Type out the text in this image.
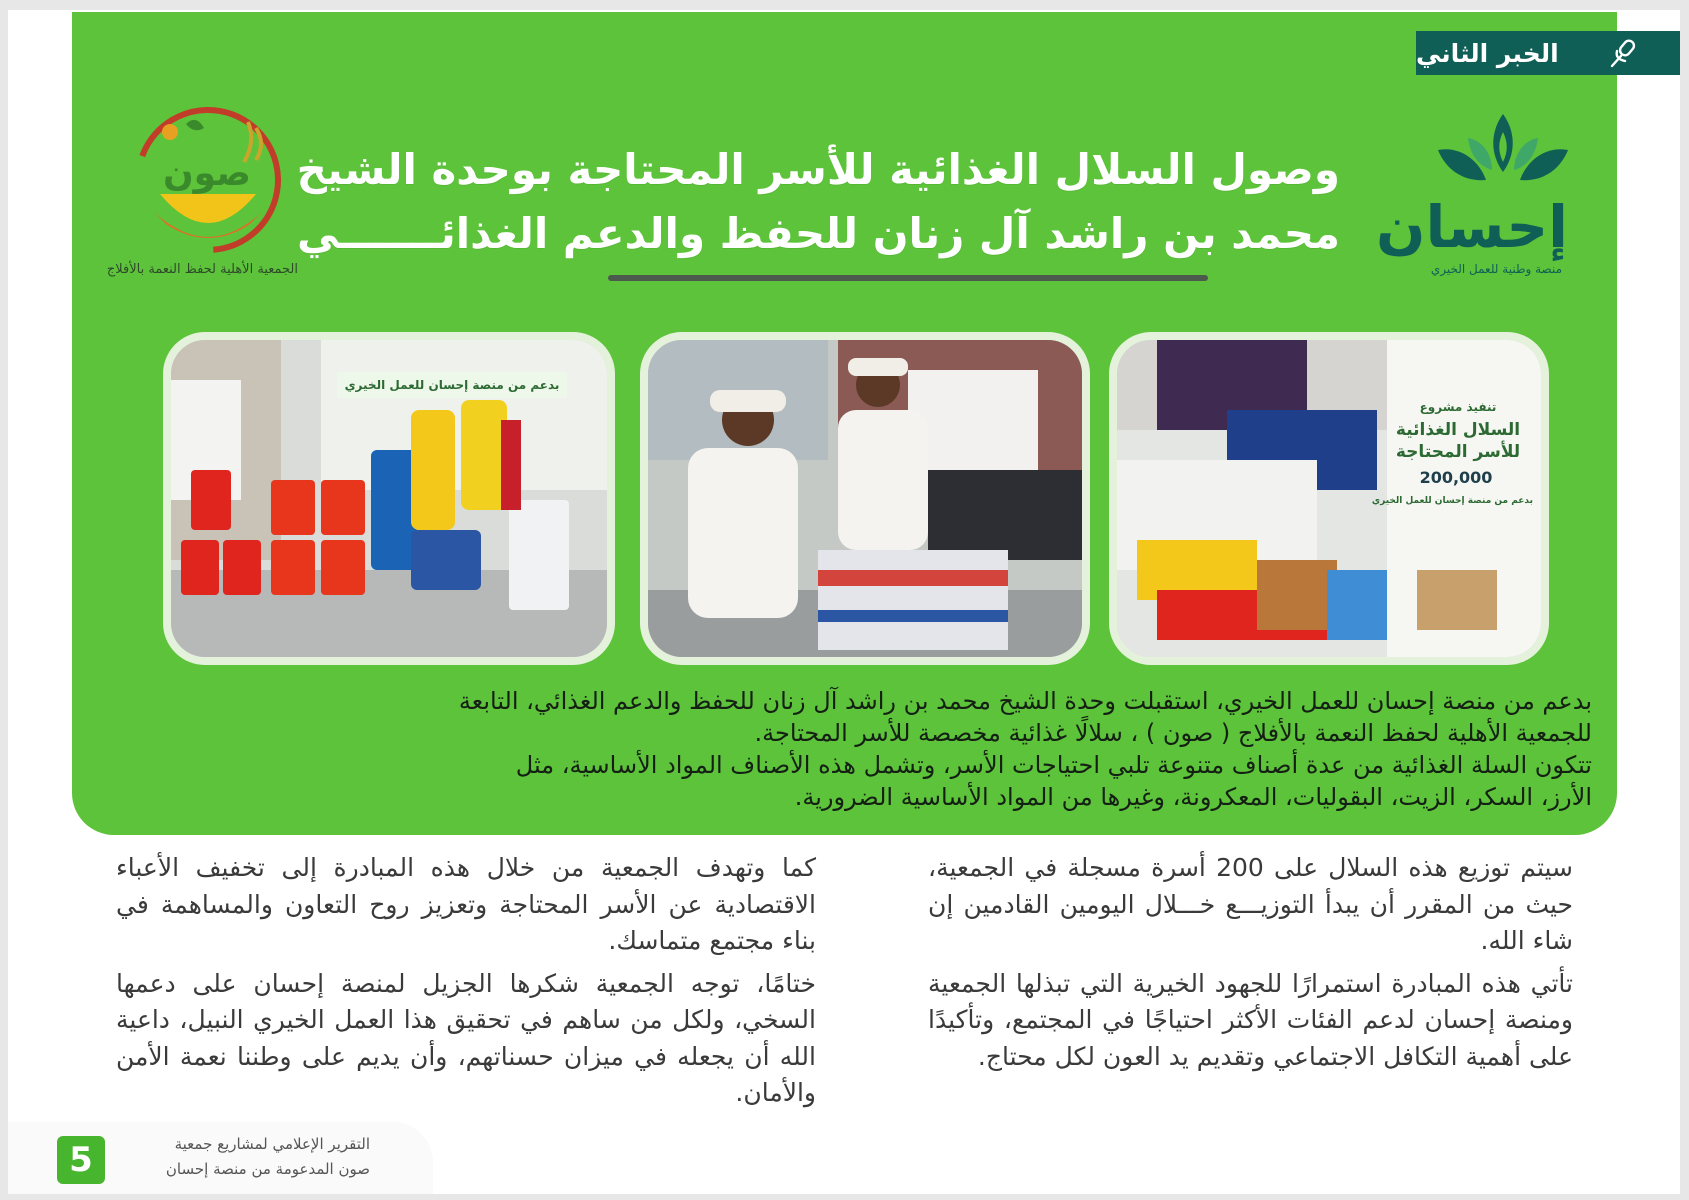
الخبر الثاني
وصول السلال الغذائية للأسر المحتاجة بوحدة الشيخ
محمد بن راشد آل زنان للحفظ والدعم الغذائـــــــي إحسان
منصة وطنية للعمل الخيري
صون
الجمعية الأهلية لحفظ النعمة بالأفلاج
بدعم من منصة إحسان للعمل الخيري
تنفيذ مشروع
السلال الغذائية
للأسر المحتاجة
200,000
بدعم من منصة إحسان للعمل الخيري

بدعم من منصة إحسان للعمل الخيري، استقبلت وحدة الشيخ محمد بن راشد آل زنان للحفظ والدعم الغذائي، التابعة

للجمعية الأهلية لحفظ النعمة بالأفلاج ( صون ) ، سلالًا غذائية مخصصة للأسر المحتاجة.

تتكون السلة الغذائية من عدة أصناف متنوعة تلبي احتياجات الأسر، وتشمل هذه الأصناف المواد الأساسية، مثل

الأرز، السكر، الزيت، البقوليات، المعكرونة، وغيرها من المواد الأساسية الضرورية.

سيتم توزيع هذه السلال على 200 أسرة مسجلة في الجمعية، حيث من المقرر أن يبدأ التوزيـــع خـــلال اليومين القادمين إن شاء الله.

تأتي هذه المبادرة استمرارًا للجهود الخيرية التي تبذلها الجمعية ومنصة إحسان لدعم الفئات الأكثر احتياجًا في المجتمع، وتأكيدًا على أهمية التكافل الاجتماعي وتقديم يد العون لكل محتاج.

كما وتهدف الجمعية من خلال هذه المبادرة إلى تخفيف الأعباء الاقتصادية عن الأسر المحتاجة وتعزيز روح التعاون والمساهمة في بناء مجتمع متماسك.

ختامًا، توجه الجمعية شكرها الجزيل لمنصة إحسان على دعمها السخي، ولكل من ساهم في تحقيق هذا العمل الخيري النبيل، داعية الله أن يجعله في ميزان حسناتهم، وأن يديم على وطننا نعمة الأمن والأمان.

5	التقرير الإعلامي لمشاريع جمعية
صون المدعومة من منصة إحسان
